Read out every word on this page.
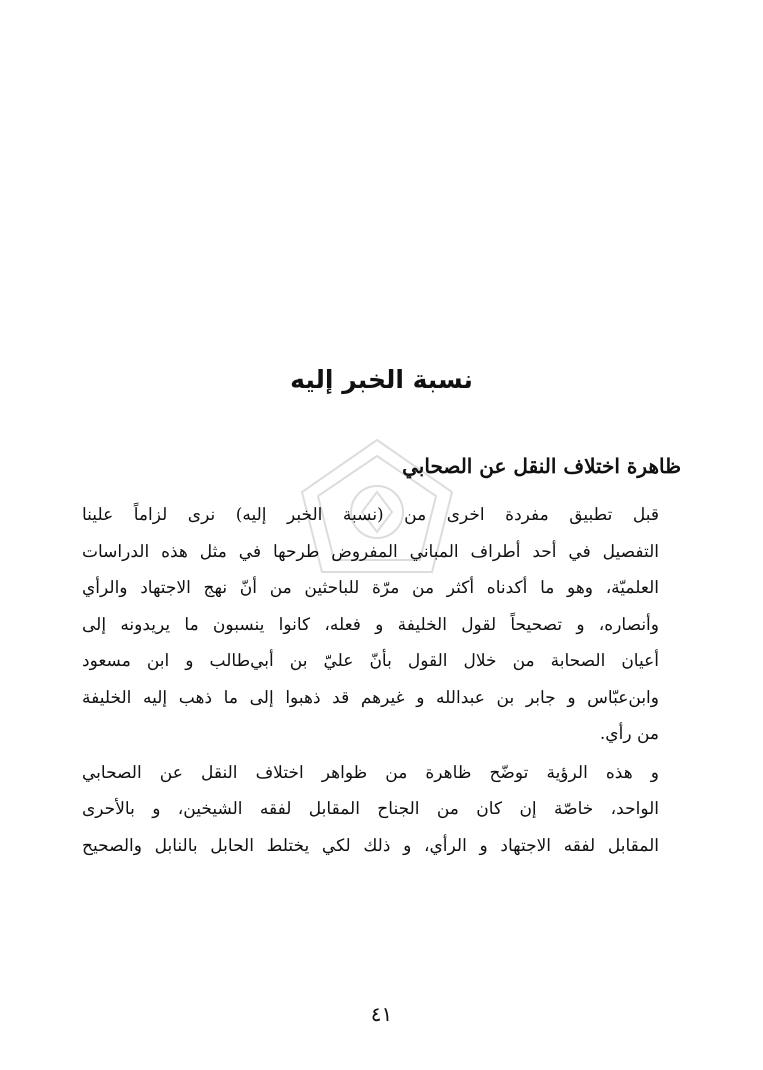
نسبة الخبر إليه
ظاهرة اختلاف النقل عن الصحابي

قبل تطبيق مفردة اخرى من (نسبة الخبر إليه) نرى لزاماً علينا
التفصيل في أحد أطراف المباني المفروض طرحها في مثل هذه الدراسات
العلميّة، وهو ما أكدناه أكثر من مرّة للباحثين من أنّ نهج الاجتهاد والرأي
وأنصاره، و تصحيحاً لقول الخليفة و فعله، كانوا ينسبون ما يريدونه إلى
أعيان الصحابة من خلال القول بأنّ عليّ بن أبي‌طالب و ابن مسعود
وابن‌عبّاس و جابر بن عبدالله و غيرهم قد ذهبوا إلى ما ذهب إليه الخليفة
من رأي.

و هذه الرؤية توضّح ظاهرة من ظواهر اختلاف النقل عن الصحابي
الواحد، خاصّة إن كان من الجناح المقابل لفقه الشيخين، و بالأحرى
المقابل لفقه الاجتهاد و الرأي، و ذلك لكي يختلط الحابل بالنابل والصحيح

٤١
